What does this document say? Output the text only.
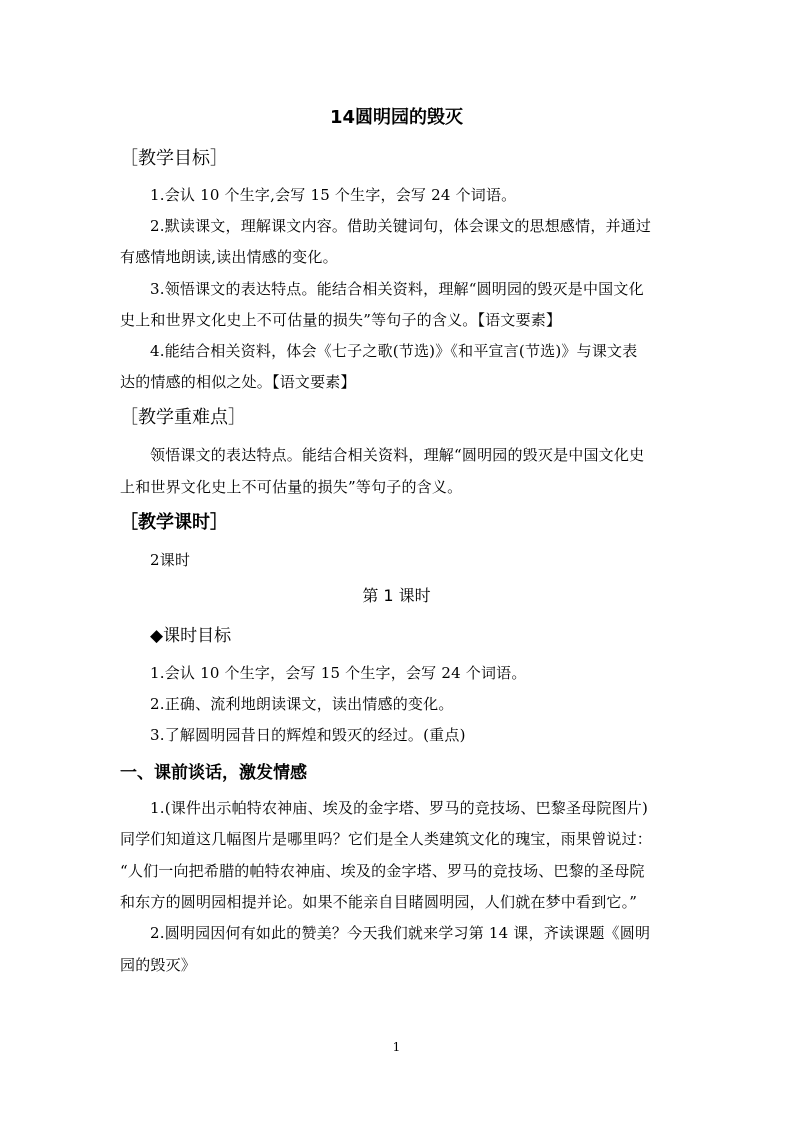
14圆明园的毁灭
［教学目标］
1.会认 10 个生字,会写 15 个生字，会写 24 个词语。
2.默读课文，理解课文内容。借助关键词句，体会课文的思想感情，并通过
有感情地朗读,读出情感的变化。
3.领悟课文的表达特点。能结合相关资料，理解“圆明园的毁灭是中国文化
史上和世界文化史上不可估量的损失”等句子的含义。【语文要素】
4.能结合相关资料，体会《七子之歌(节选)》《和平宣言(节选)》与课文表
达的情感的相似之处。【语文要素】
［教学重难点］
领悟课文的表达特点。能结合相关资料，理解“圆明园的毁灭是中国文化史
上和世界文化史上不可估量的损失”等句子的含义。
［教学课时］
2课时
第 1 课时
◆课时目标
1.会认 10 个生字，会写 15 个生字，会写 24 个词语。
2.正确、流利地朗读课文，读出情感的变化。
3.了解圆明园昔日的辉煌和毁灭的经过。(重点)
一、课前谈话，激发情感
1.(课件出示帕特农神庙、埃及的金字塔、罗马的竞技场、巴黎圣母院图片)
同学们知道这几幅图片是哪里吗？它们是全人类建筑文化的瑰宝，雨果曾说过：
“人们一向把希腊的帕特农神庙、埃及的金字塔、罗马的竞技场、巴黎的圣母院
和东方的圆明园相提并论。如果不能亲自目睹圆明园，人们就在梦中看到它。”
2.圆明园因何有如此的赞美？今天我们就来学习第 14 课，齐读课题《圆明
园的毁灭》
1
